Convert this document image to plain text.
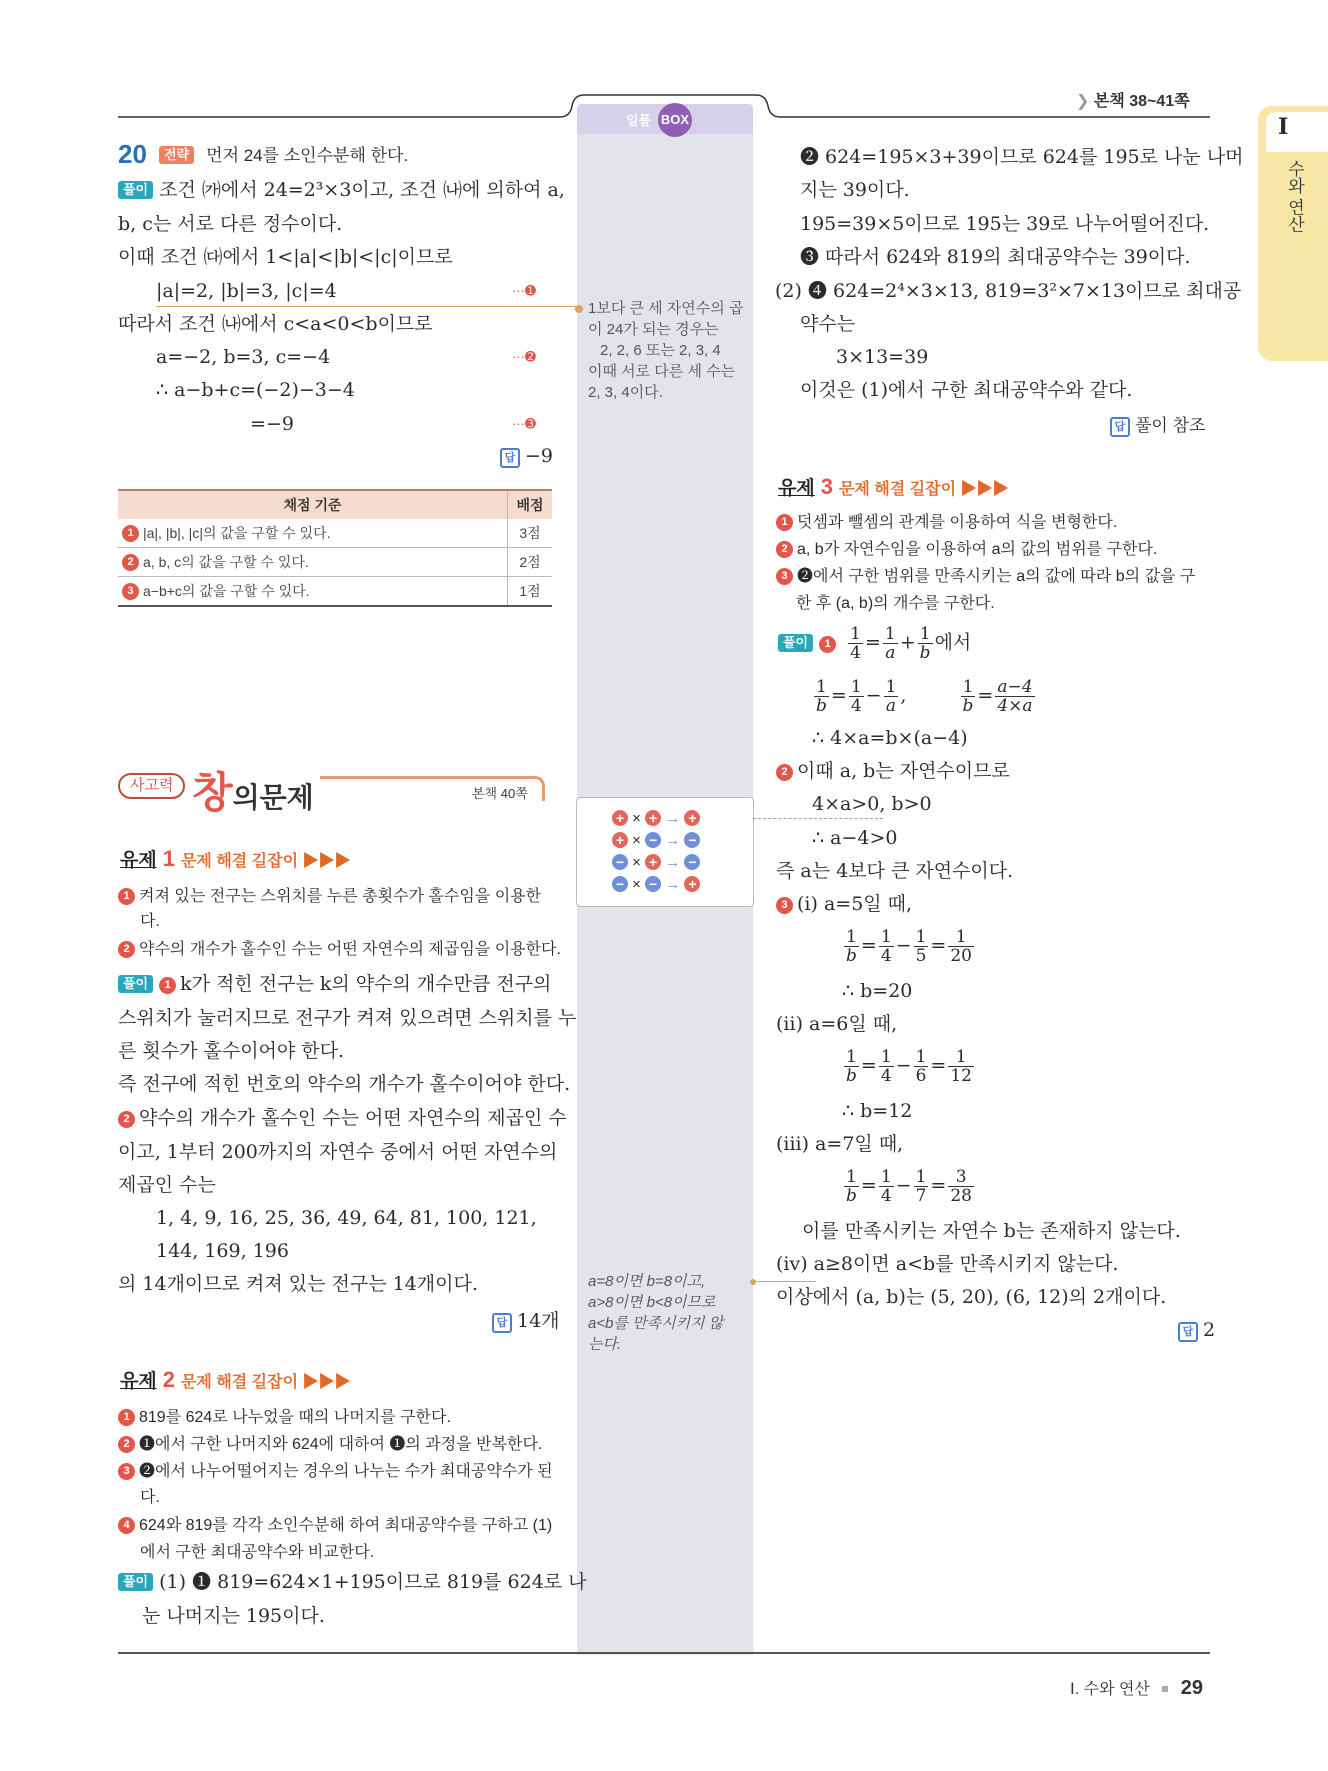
일품 BOX
❯ 본책 38~41쪽
Ⅰ
수와 연산
20 전략 먼저 24를 소인수분해 한다.
풀이 조건 ㈎에서 24=2³×3이고, 조건 ㈏에 의하여 a,
b, c는 서로 다른 정수이다.
이때 조건 ㈐에서 1<|a|<|b|<|c|이므로
|a|=2, |b|=3, |c|=4	···➊
따라서 조건 ㈏에서 c<a<0<b이므로
a=−2, b=3, c=−4	···➋
∴ a−b+c=(−2)−3−4
=−9	···➌
답 −9
채점 기준	배점
1 |a|, |b|, |c|의 값을 구할 수 있다.	3점
2 a, b, c의 값을 구할 수 있다.	2점
3 a−b+c의 값을 구할 수 있다.	1점
사고력 창의문제	본책 40쪽
유제 1 문제 해결 길잡이 ▶▶▶
1 켜져 있는 전구는 스위치를 누른 총횟수가 홀수임을 이용한
다.
2 약수의 개수가 홀수인 수는 어떤 자연수의 제곱임을 이용한다.
풀이 1 k가 적힌 전구는 k의 약수의 개수만큼 전구의
스위치가 눌러지므로 전구가 켜져 있으려면 스위치를 누
른 횟수가 홀수이어야 한다.
즉 전구에 적힌 번호의 약수의 개수가 홀수이어야 한다.
2 약수의 개수가 홀수인 수는 어떤 자연수의 제곱인 수
이고, 1부터 200까지의 자연수 중에서 어떤 자연수의
제곱인 수는
1, 4, 9, 16, 25, 36, 49, 64, 81, 100, 121,
144, 169, 196
의 14개이므로 켜져 있는 전구는 14개이다.
답 14개
유제 2 문제 해결 길잡이 ▶▶▶
1 819를 624로 나누었을 때의 나머지를 구한다.
2 ➊에서 구한 나머지와 624에 대하여 ➊의 과정을 반복한다.
3 ➋에서 나누어떨어지는 경우의 나누는 수가 최대공약수가 된
다.
4 624와 819를 각각 소인수분해 하여 최대공약수를 구하고 (1)
에서 구한 최대공약수와 비교한다.
풀이 (1) ➊ 819=624×1+195이므로 819를 624로 나
눈 나머지는 195이다.
1보다 큰 세 자연수의 곱
이 24가 되는 경우는
2, 2, 6 또는 2, 3, 4
이때 서로 다른 세 수는
2, 3, 4이다.
+ × + → +
+ × − → −
− × + → −
− × − → +
a=8이면 b=8이고,
a>8이면 b<8이므로
a<b를 만족시키지 않
는다.
➋ 624=195×3+39이므로 624를 195로 나눈 나머
지는 39이다.
195=39×5이므로 195는 39로 나누어떨어진다.
➌ 따라서 624와 819의 최대공약수는 39이다.
(2) ➍ 624=2⁴×3×13, 819=3²×7×13이므로 최대공
약수는
3×13=39
이것은 (1)에서 구한 최대공약수와 같다.
답 풀이 참조
유제 3 문제 해결 길잡이 ▶▶▶
1 덧셈과 뺄셈의 관계를 이용하여 식을 변형한다.
2 a, b가 자연수임을 이용하여 a의 값의 범위를 구한다.
3 ➋에서 구한 범위를 만족시키는 a의 값에 따라 b의 값을 구
한 후 (a, b)의 개수를 구한다.
풀이 $1 \frac{1}{4} = \frac{1}{a} + \frac{1}{b}$ 에서
$\frac{1}{b} = \frac{1}{4} - \frac{1}{a}$ ,	$\frac{1}{b} = \frac{a-4}{4\times a}$
∴ 4×a=b×(a−4)
2 이때 a, b는 자연수이므로
4×a>0, b>0
∴ a−4>0
즉 a는 4보다 큰 자연수이다.
3 (ⅰ) a=5일 때,
$\frac{1}{b} = \frac{1}{4} - \frac{1}{5} = \frac{1}{20}$
∴ b=20
(ⅱ) a=6일 때,
$\frac{1}{b} = \frac{1}{4} - \frac{1}{6} = \frac{1}{12}$
∴ b=12
(ⅲ) a=7일 때,
$\frac{1}{b} = \frac{1}{4} - \frac{1}{7} = \frac{3}{28}$
이를 만족시키는 자연수 b는 존재하지 않는다.
(ⅳ) a≥8이면 a<b를 만족시키지 않는다.
이상에서 (a, b)는 (5, 20), (6, 12)의 2개이다.
답 2
Ⅰ. 수와 연산 29
